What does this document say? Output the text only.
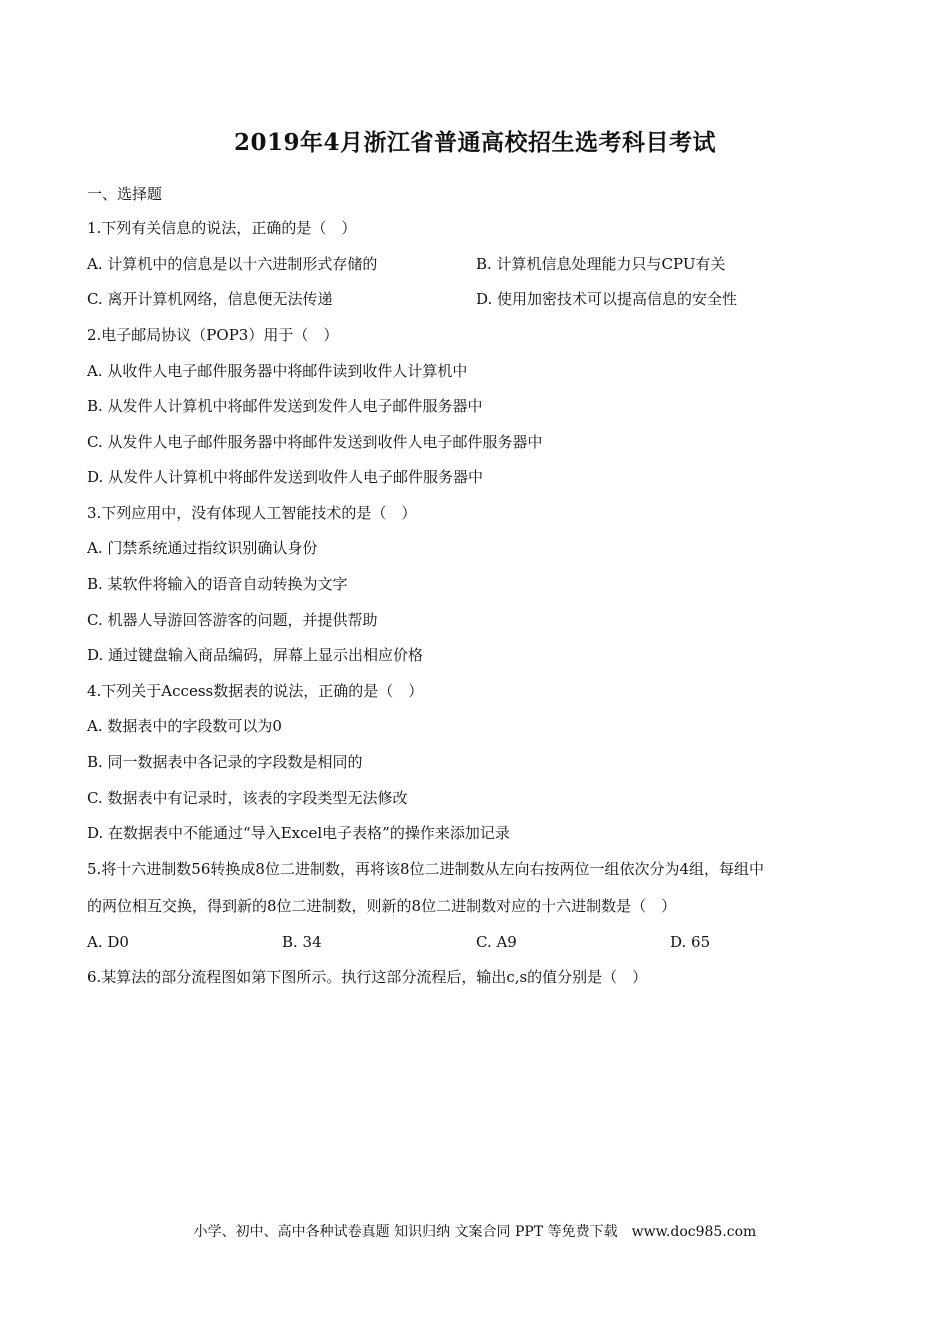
2019年4月浙江省普通高校招生选考科目考试
一、选择题
1.下列有关信息的说法，正确的是（　）
A. 计算机中的信息是以十六进制形式存储的	B. 计算机信息处理能力只与CPU有关
C. 离开计算机网络，信息便无法传递	D. 使用加密技术可以提高信息的安全性
2.电子邮局协议（POP3）用于（　）
A. 从收件人电子邮件服务器中将邮件读到收件人计算机中
B. 从发件人计算机中将邮件发送到发件人电子邮件服务器中
C. 从发件人电子邮件服务器中将邮件发送到收件人电子邮件服务器中
D. 从发件人计算机中将邮件发送到收件人电子邮件服务器中
3.下列应用中，没有体现人工智能技术的是（　）
A. 门禁系统通过指纹识别确认身份
B. 某软件将输入的语音自动转换为文字
C. 机器人导游回答游客的问题，并提供帮助
D. 通过键盘输入商品编码，屏幕上显示出相应价格
4.下列关于Access数据表的说法，正确的是（　）
A. 数据表中的字段数可以为0
B. 同一数据表中各记录的字段数是相同的
C. 数据表中有记录时，该表的字段类型无法修改
D. 在数据表中不能通过“导入Excel电子表格”的操作来添加记录
5.将十六进制数56转换成8位二进制数，再将该8位二进制数从左向右按两位一组依次分为4组，每组中
的两位相互交换，得到新的8位二进制数，则新的8位二进制数对应的十六进制数是（　）
A. D0	B. 34	C. A9	D. 65
6.某算法的部分流程图如第下图所示。执行这部分流程后，输出c,s的值分别是（　）
小学、初中、高中各种试卷真题 知识归纳 文案合同 PPT 等免费下载　www.doc985.com
